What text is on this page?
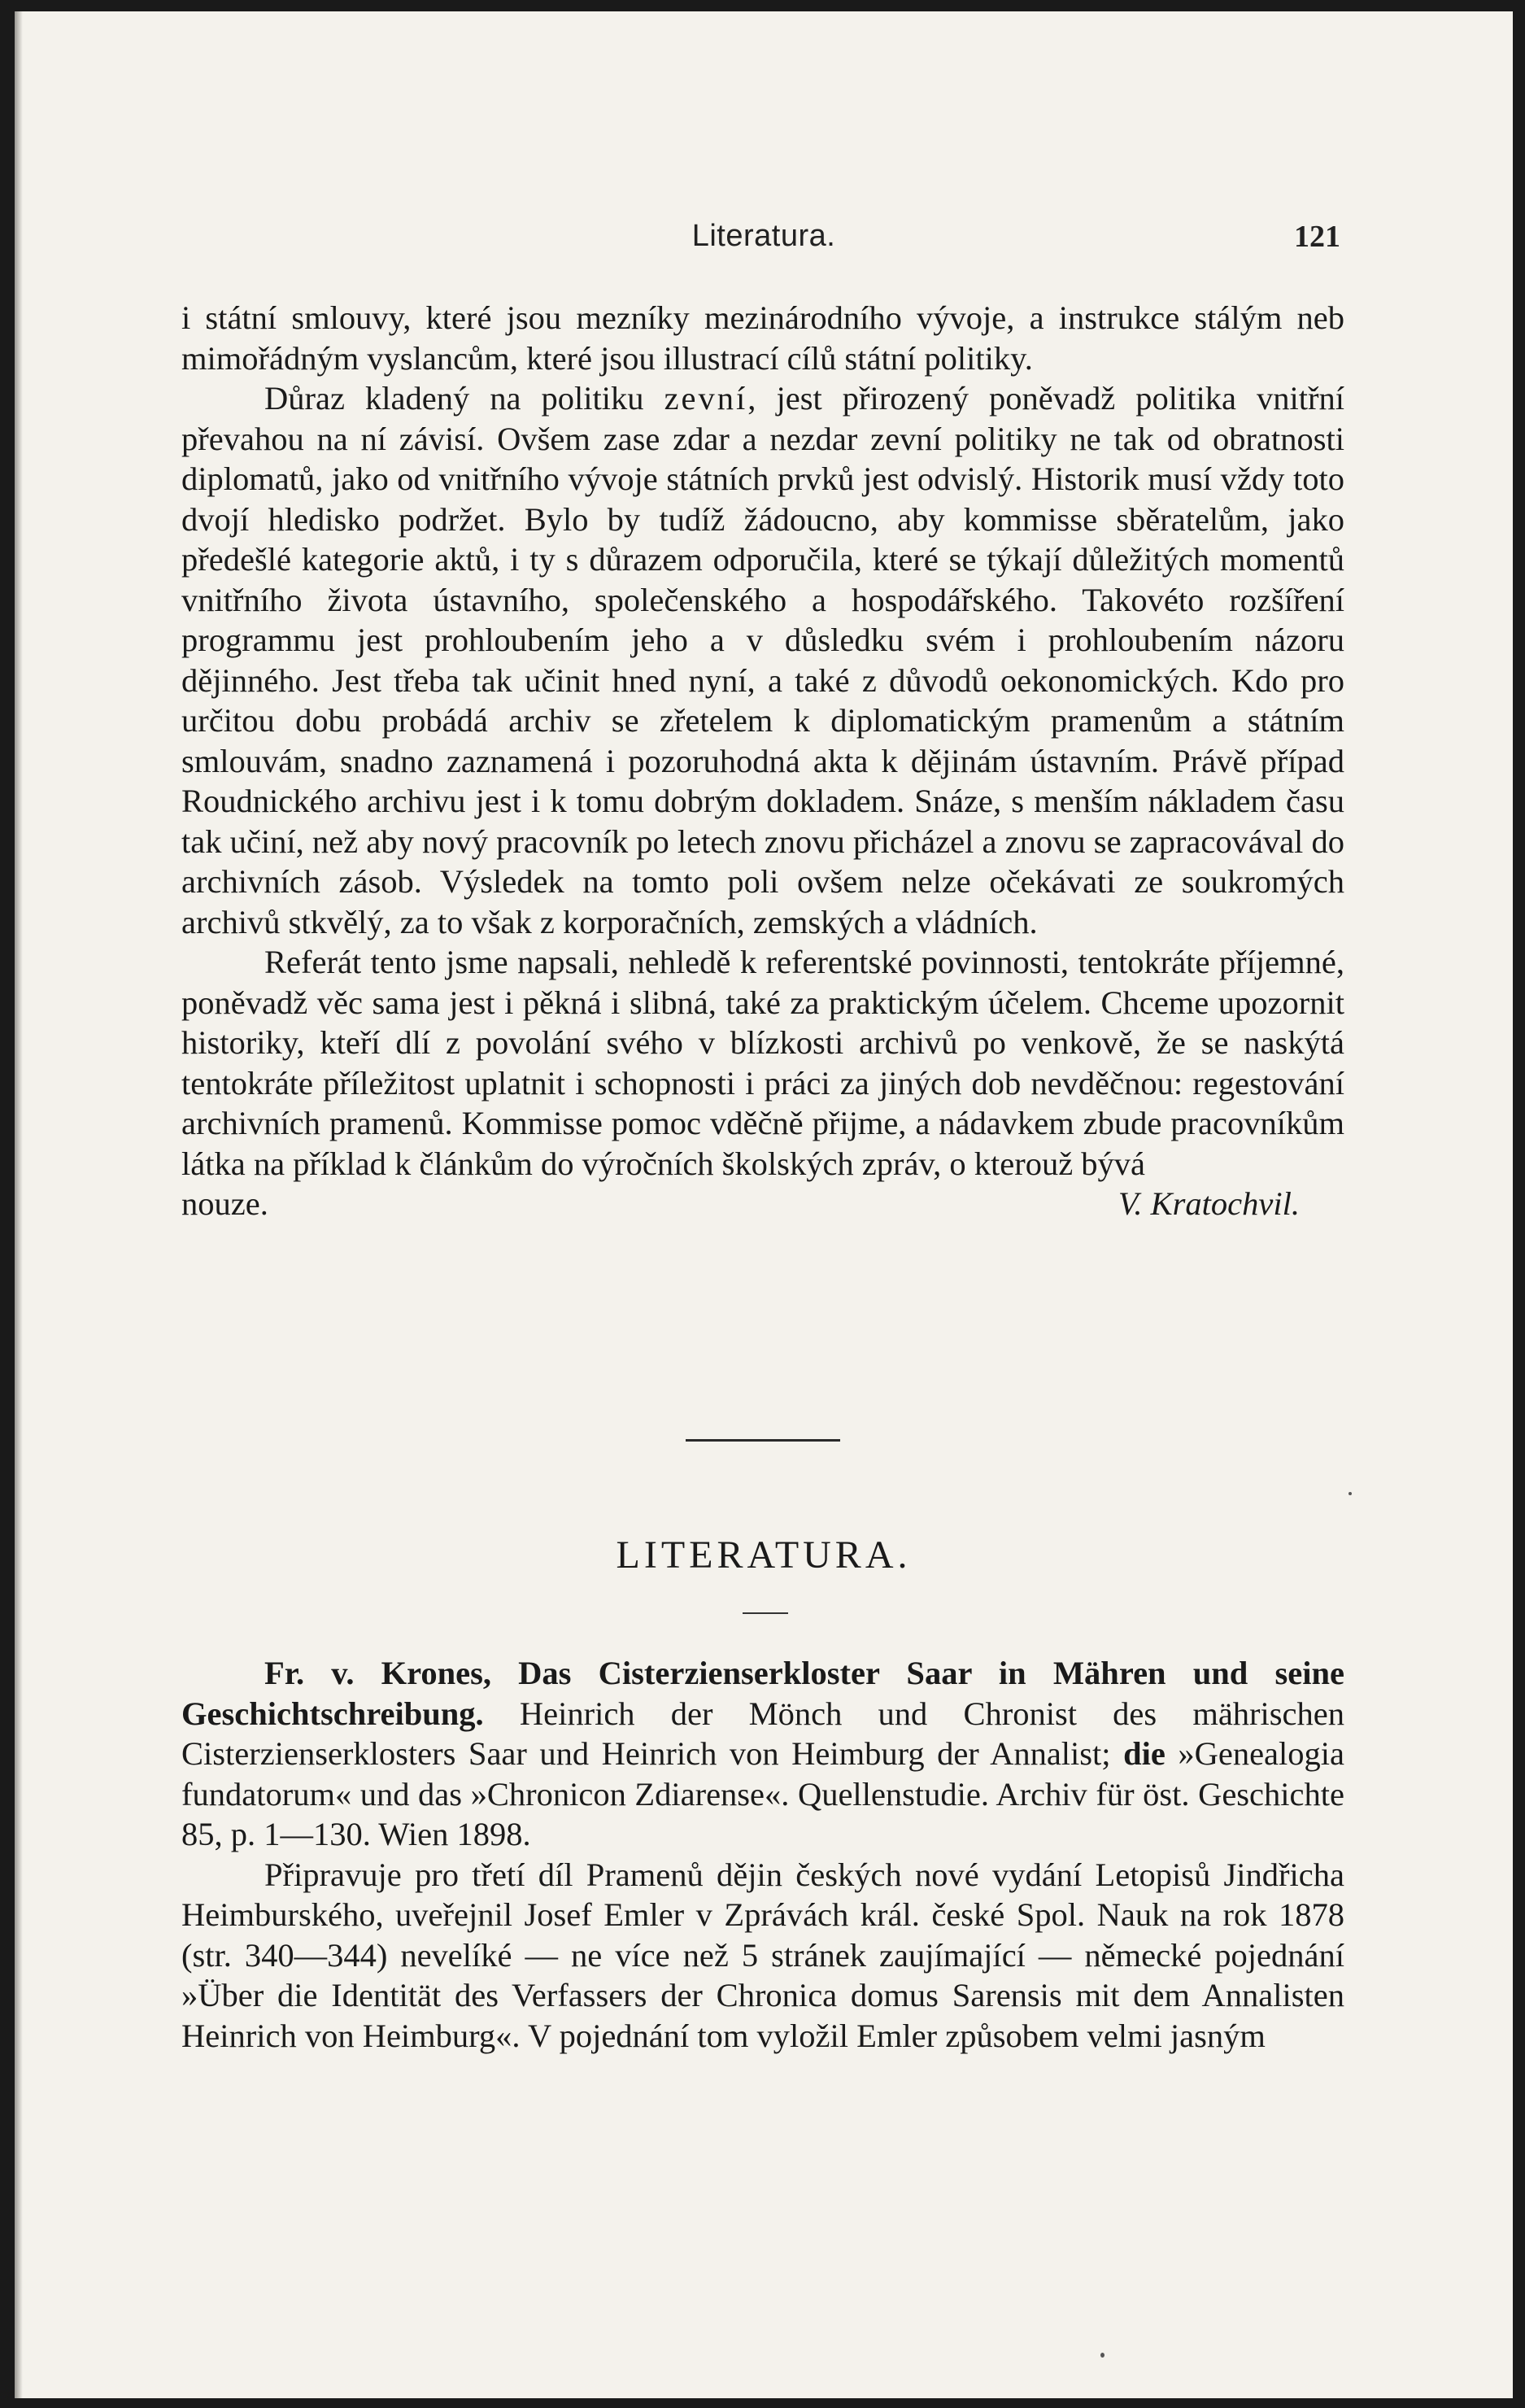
Literatura.	121

i státní smlouvy, které jsou mezníky mezinárodního vývoje, a instrukce stálým neb mimořádným vyslancům, které jsou illustrací cílů státní politiky.

Důraz kladený na politiku zevní, jest přirozený poněvadž politika vnitřní převahou na ní závisí. Ovšem zase zdar a nezdar zevní politiky ne tak od obratnosti diplomatů, jako od vnitřního vývoje státních prvků jest odvislý. Historik musí vždy toto dvojí hledisko podržet. Bylo by tudíž žádoucno, aby kommisse sběratelům, jako předešlé kategorie aktů, i ty s důrazem odporučila, které se týkají důležitých momentů vnitřního života ústavního, společenského a hospodářského. Takovéto rozšíření programmu jest prohloubením jeho a v důsledku svém i prohloubením názoru dějinného. Jest třeba tak učinit hned nyní, a také z důvodů oekonomických. Kdo pro určitou dobu probádá archiv se zřetelem k diplomatickým pramenům a státním smlouvám, snadno zaznamená i pozoruhodná akta k dějinám ústavním. Právě případ Roudnického archivu jest i k tomu dobrým dokladem. Snáze, s menším nákladem času tak učiní, než aby nový pracovník po letech znovu přicházel a znovu se zapracovával do archivních zásob. Výsledek na tomto poli ovšem nelze očekávati ze soukromých archivů stkvělý, za to však z korporačních, zemských a vládních.

Referát tento jsme napsali, nehledě k referentské povinnosti, tentokráte příjemné, poněvadž věc sama jest i pěkná i slibná, také za praktickým účelem. Chceme upozornit historiky, kteří dlí z povolání svého v blízkosti archivů po venkově, že se naskýtá tentokráte příležitost uplatnit i schopnosti i práci za jiných dob nevděčnou: regestování archivních pramenů. Kommisse pomoc vděčně přijme, a nádavkem zbude pracovníkům látka na příklad k článkům do výročních školských zpráv, o kterouž bývá

nouze.	V. Kratochvil.
LITERATURA.

Fr. v. Krones, Das Cisterzienserkloster Saar in Mähren und seine Geschichtschreibung. Heinrich der Mönch und Chronist des mährischen Cisterzienserklosters Saar und Heinrich von Heimburg der Annalist; die »Genealogia fundatorum« und das »Chronicon Zdiarense«. Quellenstudie. Archiv für öst. Geschichte 85, p. 1—130. Wien 1898.

Připravuje pro třetí díl Pramenů dějin českých nové vydání Letopisů Jindřicha Heimburského, uveřejnil Josef Emler v Zprávách král. české Spol. Nauk na rok 1878 (str. 340—344) nevelíké — ne více než 5 stránek zaujímající — německé pojednání »Über die Identität des Verfassers der Chronica domus Sarensis mit dem Annalisten Heinrich von Heimburg«. V pojednání tom vyložil Emler způsobem velmi jasným
